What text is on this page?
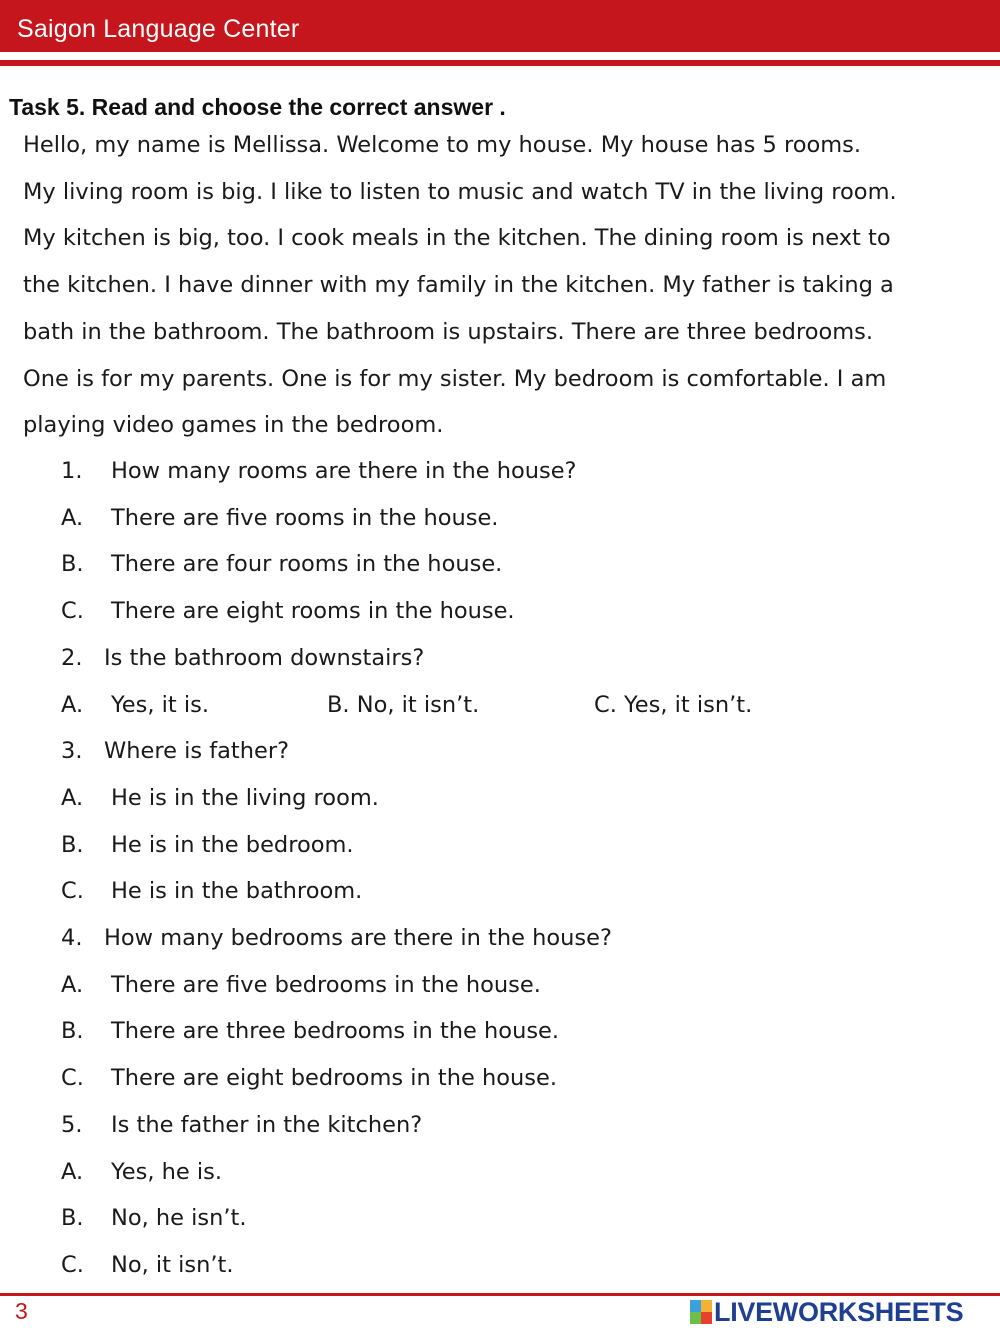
Saigon Language Center
Task 5. Read and choose the correct answer .
Hello, my name is Mellissa. Welcome to my house. My house has 5 rooms.
My living room is big. I like to listen to music and watch TV in the living room.
My kitchen is big, too. I cook meals in the kitchen. The dining room is next to
the kitchen. I have dinner with my family in the kitchen. My father is taking a
bath in the bathroom. The bathroom is upstairs. There are three bedrooms.
One is for my parents. One is for my sister. My bedroom is comfortable. I am
playing video games in the bedroom.
1. How many rooms are there in the house?
A. There are five rooms in the house.
B. There are four rooms in the house.
C. There are eight rooms in the house.
2. Is the bathroom downstairs?
A. Yes, it is.	B. No, it isn’t.	C. Yes, it isn’t.
3. Where is father?
A. He is in the living room.
B. He is in the bedroom.
C. He is in the bathroom.
4. How many bedrooms are there in the house?
A. There are five bedrooms in the house.
B. There are three bedrooms in the house.
C. There are eight bedrooms in the house.
5. Is the father in the kitchen?
A. Yes, he is.
B. No, he isn’t.
C. No, it isn’t.
3	LIVEWORKSHEETS
